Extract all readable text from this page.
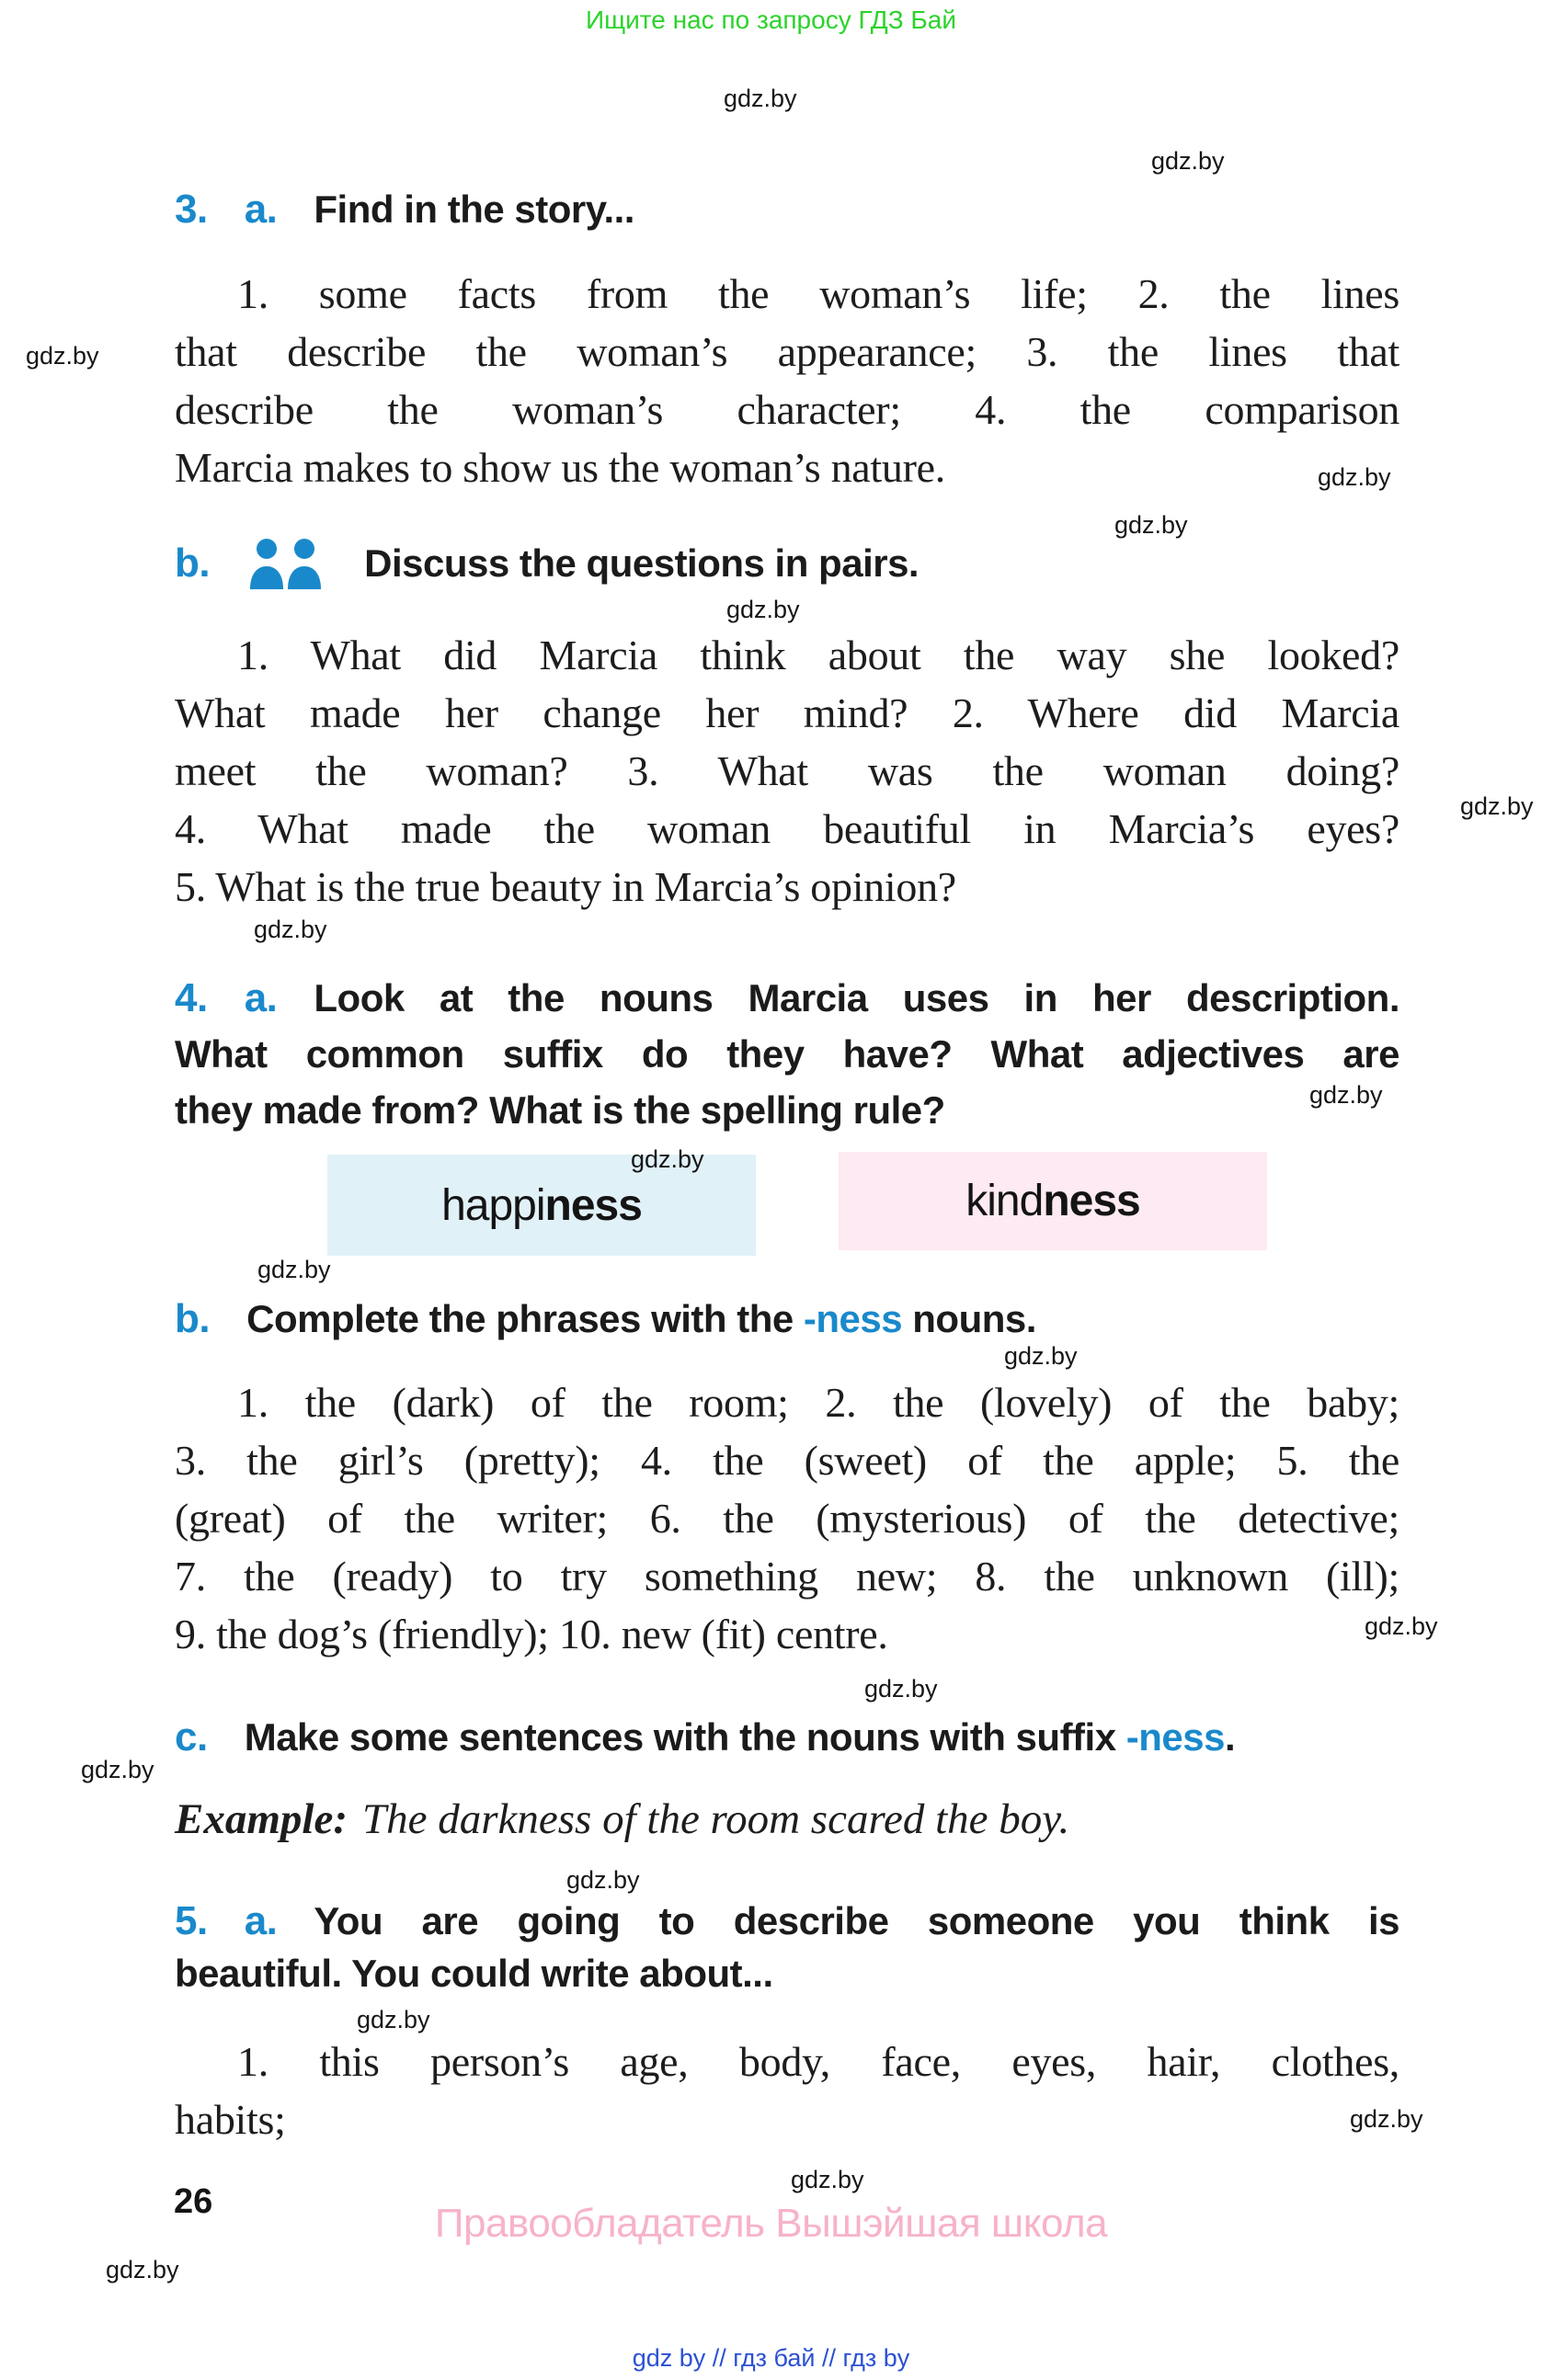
Ищите нас по запросу ГДЗ Бай
3. a. Find in the story...
1. some facts from the woman’s life; 2. the lines
that describe the woman’s appearance; 3. the lines that
describe the woman’s character; 4. the comparison
Marcia makes to show us the woman’s nature.
b.	Discuss the questions in pairs.
1. What did Marcia think about the way she looked?
What made her change her mind? 2. Where did Marcia
meet the woman? 3. What was the woman doing?
4. What made the woman beautiful in Marcia’s eyes?
5. What is the true beauty in Marcia’s opinion?
4. a. Look at the nouns Marcia uses in her description.
What common suffix do they have? What adjectives are
they made from? What is the spelling rule?
happi ness	kind ness
b. Complete the phrases with the -ness nouns.
1. the (dark) of the room; 2. the (lovely) of the baby;
3. the girl’s (pretty); 4. the (sweet) of the apple; 5. the
(great) of the writer; 6. the (mysterious) of the detective;
7. the (ready) to try something new; 8. the unknown (ill);
9. the dog’s (friendly); 10. new (fit) centre.
c. Make some sentences with the nouns with suffix -ness.
Example: The darkness of the room scared the boy.
5. a. You are going to describe someone you think is
beautiful. You could write about...
1. this person’s age, body, face, eyes, hair, clothes,
habits;
26	Правообладатель Вышэйшая школа
gdz by // гдз бай // гдз by
gdz.by
gdz.by
gdz.by
gdz.by
gdz.by
gdz.by
gdz.by
gdz.by
gdz.by
gdz.by
gdz.by
gdz.by
gdz.by
gdz.by
gdz.by
gdz.by
gdz.by
gdz.by
gdz.by
gdz.by
